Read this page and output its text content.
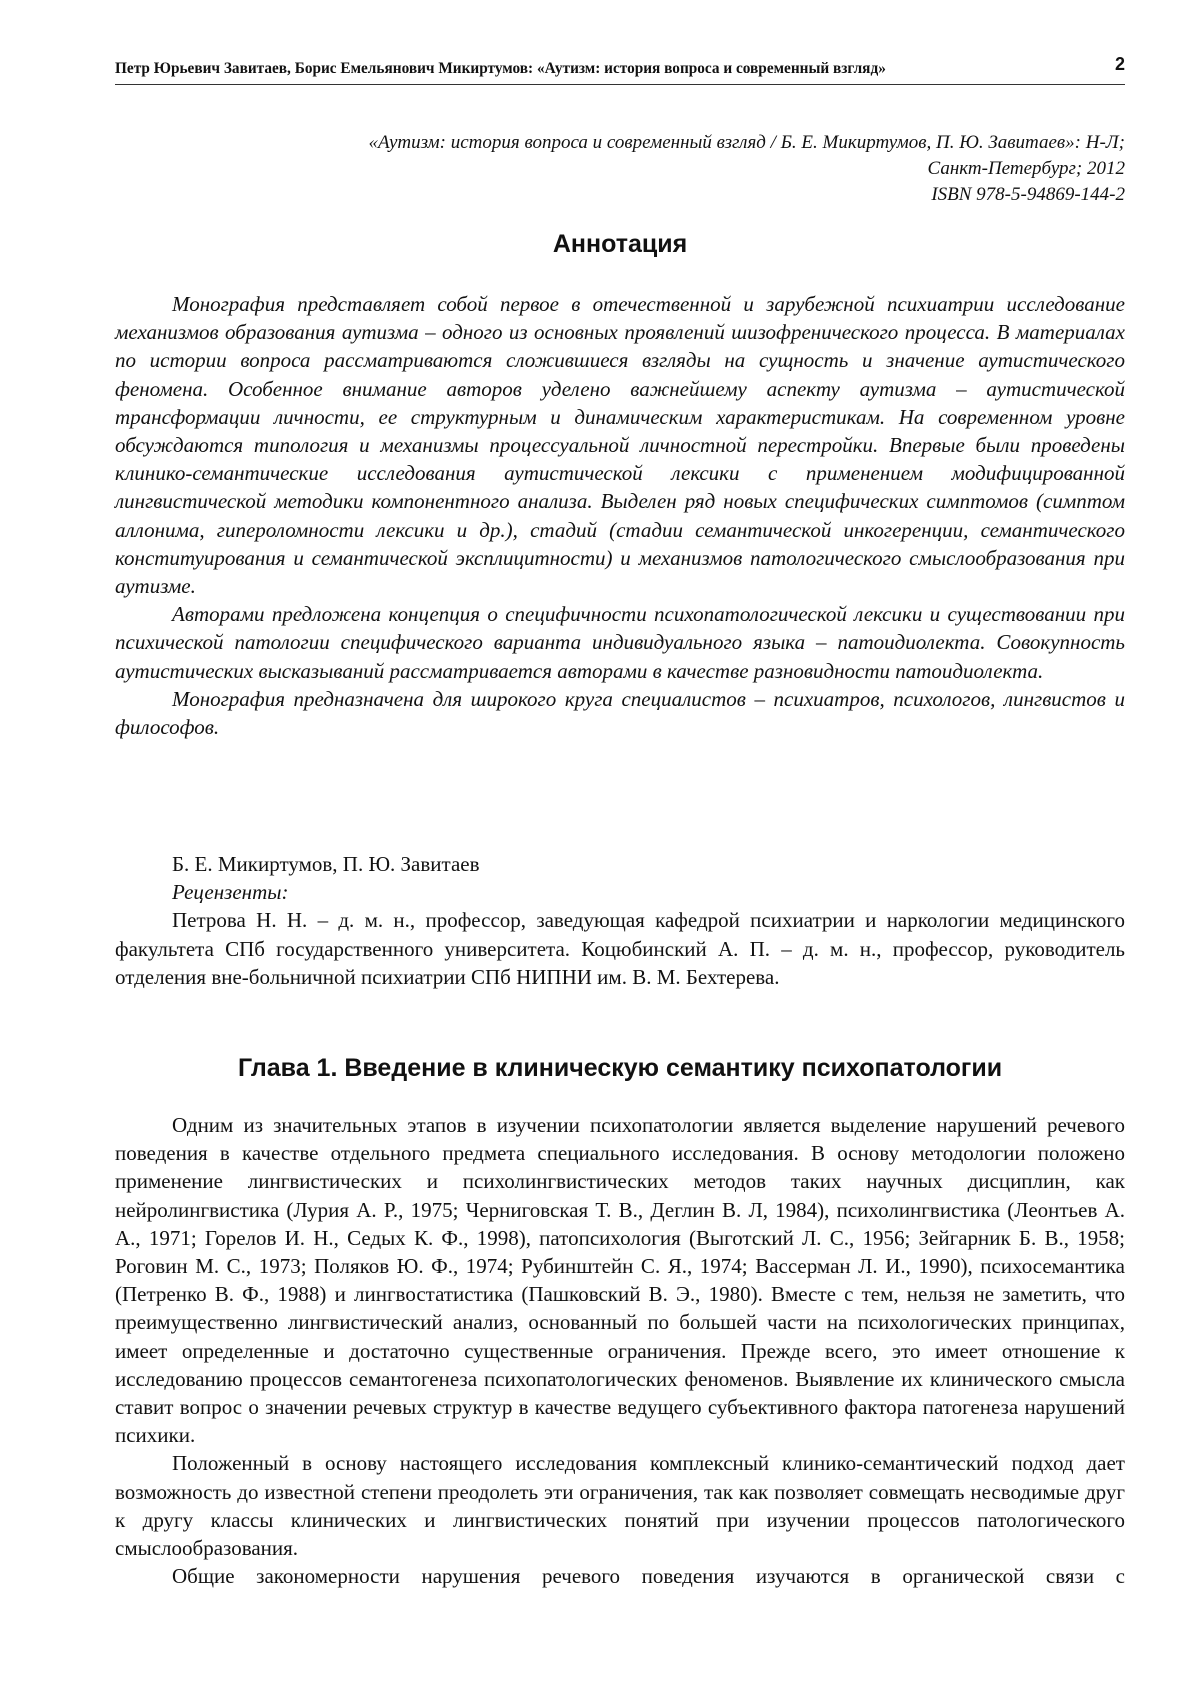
Петр Юрьевич Завитаев, Борис Емельянович Микиртумов: «Аутизм: история вопроса и современный взгляд»	2
«Аутизм: история вопроса и современный взгляд / Б. Е. Микиртумов, П. Ю. Завитаев»: Н-Л;
Санкт-Петербург; 2012
ISBN 978-5-94869-144-2
Аннотация

Монография представляет собой первое в отечественной и зарубежной психиатрии исследование механизмов образования аутизма – одного из основных проявлений шизофренического процесса. В материалах по истории вопроса рассматриваются сложившиеся взгляды на сущность и значение аутистического феномена. Особенное внимание авторов уделено важнейшему аспекту аутизма – аутистической трансформации личности, ее структурным и динамическим характеристикам. На современном уровне обсуждаются типология и механизмы процессуальной личностной перестройки. Впервые были проведены клинико-семантические исследования аутистической лексики с применением модифицированной лингвистической методики компонентного анализа. Выделен ряд новых специфических симптомов (симптом аллонима, гипероломности лексики и др.), стадий (стадии семантической инкогеренции, семантического конституирования и семантической эксплицитности) и механизмов патологического смыслообразования при аутизме.

Авторами предложена концепция о специфичности психопатологической лексики и существовании при психической патологии специфического варианта индивидуального языка – патоидиолекта. Совокупность аутистических высказываний рассматривается авторами в качестве разновидности патоидиолекта.

Монография предназначена для широкого круга специалистов – психиатров, психологов, лингвистов и философов.

Б. Е. Микиртумов, П. Ю. Завитаев

Рецензенты:

Петрова Н. Н. – д. м. н., профессор, заведующая кафедрой психиатрии и наркологии медицинского факультета СПб государственного университета. Коцюбинский А. П. – д. м. н., профессор, руководитель отделения вне-больничной психиатрии СПб НИПНИ им. В. М. Бехтерева.

Глава 1. Введение в клиническую семантику психопатологии

Одним из значительных этапов в изучении психопатологии является выделение нарушений речевого поведения в качестве отдельного предмета специального исследования. В основу методологии положено применение лингвистических и психолингвистических методов таких научных дисциплин, как нейролингвистика (Лурия А. Р., 1975; Черниговская Т. В., Деглин В. Л, 1984), психолингвистика (Леонтьев А. А., 1971; Горелов И. Н., Седых К. Ф., 1998), патопсихология (Выготский Л. С., 1956; Зейгарник Б. В., 1958; Роговин М. С., 1973; Поляков Ю. Ф., 1974; Рубинштейн С. Я., 1974; Вассерман Л. И., 1990), психосемантика (Петренко В. Ф., 1988) и лингвостатистика (Пашковский В. Э., 1980). Вместе с тем, нельзя не заметить, что преимущественно лингвистический анализ, основанный по большей части на психологических принципах, имеет определенные и достаточно существенные ограничения. Прежде всего, это имеет отношение к исследованию процессов семантогенеза психопатологических феноменов. Выявление их клинического смысла ставит вопрос о значении речевых структур в качестве ведущего субъективного фактора патогенеза нарушений психики.

Положенный в основу настоящего исследования комплексный клинико-семантический подход дает возможность до известной степени преодолеть эти ограничения, так как позволяет совмещать несводимые друг к другу классы клинических и лингвистических понятий при изучении процессов патологического смыслообразования.

Общие закономерности нарушения речевого поведения изучаются в органической связи с
